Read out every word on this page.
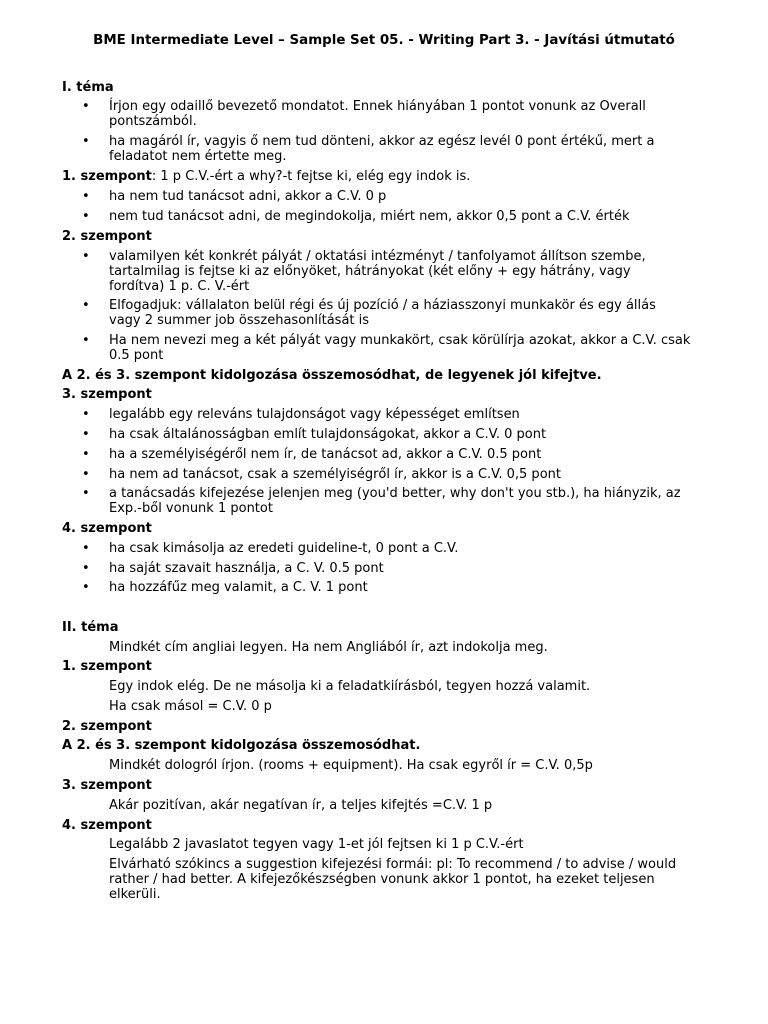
BME Intermediate Level – Sample Set 05. - Writing Part 3. - Javítási útmutató
I. téma
Írjon egy odaillő bevezető mondatot. Ennek hiányában 1 pontot vonunk az Overall pontszámból.
ha magáról ír, vagyis ő nem tud dönteni, akkor az egész levél 0 pont értékű, mert a feladatot nem értette meg.
1. szempont: 1 p C.V.-ért a why?-t fejtse ki, elég egy indok is.
ha nem tud tanácsot adni, akkor a C.V. 0 p
nem tud tanácsot adni, de megindokolja, miért nem, akkor 0,5 pont a C.V. érték
2. szempont
valamilyen két konkrét pályát / oktatási intézményt / tanfolyamot állítson szembe, tartalmilag is fejtse ki az előnyöket, hátrányokat (két előny + egy hátrány, vagy fordítva) 1 p. C. V.-ért
Elfogadjuk: vállalaton belül régi és új pozíció / a háziasszonyi munkakör és egy állás vagy 2 summer job összehasonlítását is
Ha nem nevezi meg a két pályát vagy munkakört, csak körülírja azokat, akkor a C.V. csak 0.5 pont
A 2. és 3. szempont kidolgozása összemosódhat, de legyenek jól kifejtve.
3. szempont
legalább egy releváns tulajdonságot vagy képességet említsen
ha csak általánosságban említ tulajdonságokat, akkor a C.V. 0 pont
ha a személyiségéről nem ír, de tanácsot ad, akkor a C.V. 0.5 pont
ha nem ad tanácsot, csak a személyiségről ír, akkor is a C.V. 0,5 pont
a tanácsadás kifejezése jelenjen meg (you'd better, why don't you stb.), ha hiányzik, az Exp.-ből vonunk 1 pontot
4. szempont
ha csak kimásolja az eredeti guideline-t, 0 pont a C.V.
ha saját szavait használja, a C. V. 0.5 pont
ha hozzáfűz meg valamit, a C. V. 1 pont
II. téma
Mindkét cím angliai legyen. Ha nem Angliából ír, azt indokolja meg.
1. szempont
Egy indok elég. De ne másolja ki a feladatkiírásból, tegyen hozzá valamit.
Ha csak másol = C.V. 0 p
2. szempont
A 2. és 3. szempont kidolgozása összemosódhat.
Mindkét dologról írjon. (rooms + equipment). Ha csak egyről ír = C.V. 0,5p
3. szempont
Akár pozitívan, akár negatívan ír, a teljes kifejtés =C.V. 1 p
4. szempont
Legalább 2 javaslatot tegyen vagy 1-et jól fejtsen ki 1 p C.V.-ért
Elvárható szókincs a suggestion kifejezési formái: pl: To recommend / to advise / would rather / had better. A kifejezőkészségben vonunk akkor 1 pontot, ha ezeket teljesen elkerüli.
